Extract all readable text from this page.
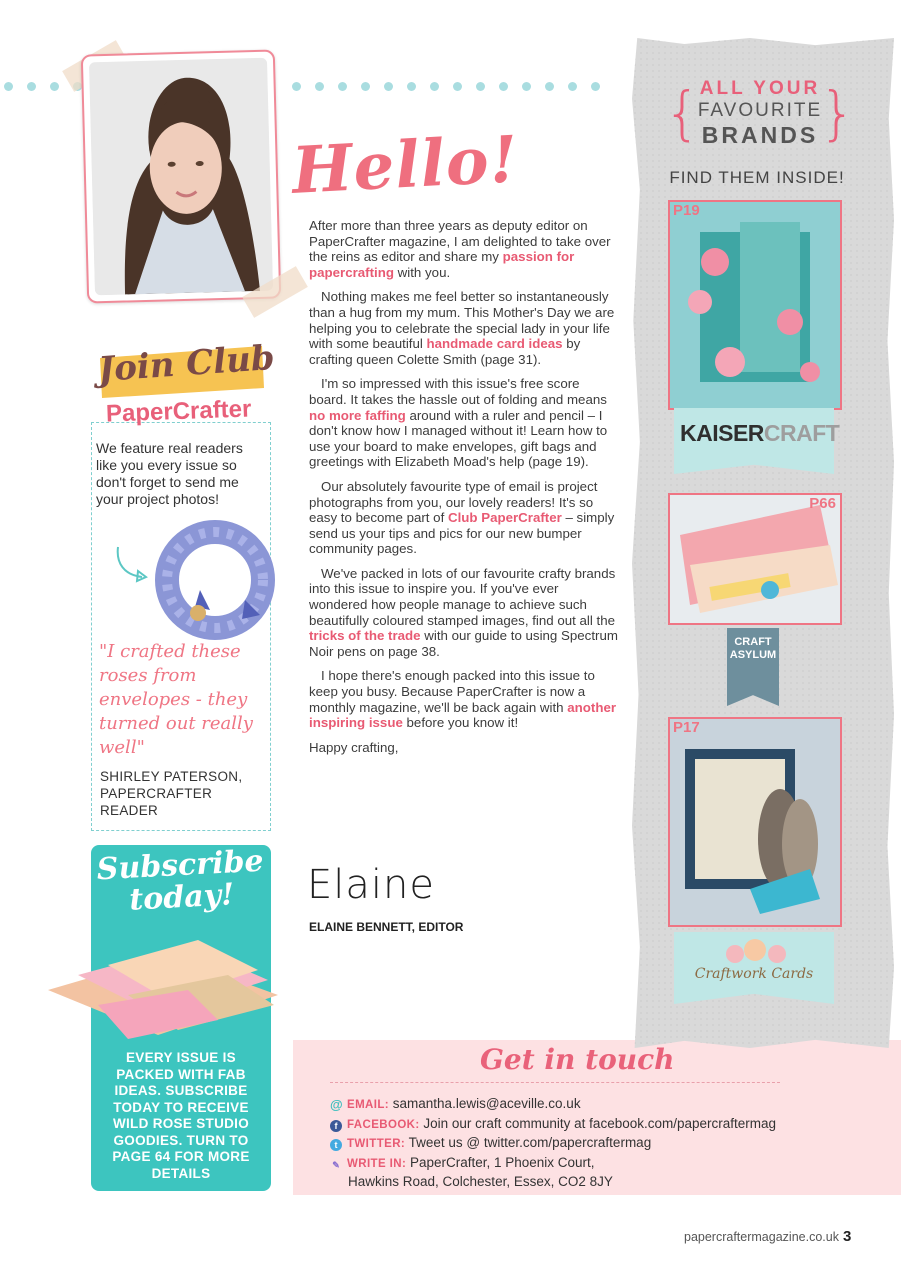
Hello!

After more than three years as deputy editor on PaperCrafter magazine, I am delighted to take over the reins as editor and share my passion for papercrafting with you.

Nothing makes me feel better so instantaneously than a hug from my mum. This Mother's Day we are helping you to celebrate the special lady in your life with some beautiful handmade card ideas by crafting queen Colette Smith (page 31).

I'm so impressed with this issue's free score board. It takes the hassle out of folding and means no more faffing around with a ruler and pencil – I don't know how I managed without it! Learn how to use your board to make envelopes, gift bags and greetings with Elizabeth Moad's help (page 19).

Our absolutely favourite type of email is project photographs from you, our lovely readers! It's so easy to become part of Club PaperCrafter – simply send us your tips and pics for our new bumper community pages.

We've packed in lots of our favourite crafty brands into this issue to inspire you. If you've ever wondered how people manage to achieve such beautifully coloured stamped images, find out all the tricks of the trade with our guide to using Spectrum Noir pens on page 38.

I hope there's enough packed into this issue to keep you busy. Because PaperCrafter is now a monthly magazine, we'll be back again with another inspiring issue before you know it!

Happy crafting,

Elaine
ELAINE BENNETT, EDITOR
Join Club
PaperCrafter
We feature real readers like you every issue so don't forget to send me your project photos!
"I crafted these roses from envelopes - they turned out really well"
SHIRLEY PATERSON,
PAPERCRAFTER READER
Subscribe
today!
EVERY ISSUE IS PACKED WITH FAB IDEAS. SUBSCRIBE TODAY TO RECEIVE WILD ROSE STUDIO GOODIES. TURN TO PAGE 64 FOR MORE DETAILS
Get in touch
@ EMAIL: samantha.lewis@aceville.co.uk
f FACEBOOK: Join our craft community at facebook.com/papercraftermag
t TWITTER: Tweet us @ twitter.com/papercraftermag
✎ WRITE IN: PaperCrafter, 1 Phoenix Court,
Hawkins Road, Colchester, Essex, CO2 8JY
papercraftermagazine.co.uk 3
{ }
ALL YOUR
FAVOURITE
BRANDS
FIND THEM INSIDE!
P19
KAISERCRAFT
P66
CRAFT
ASYLUM
P17
Craftwork Cards
